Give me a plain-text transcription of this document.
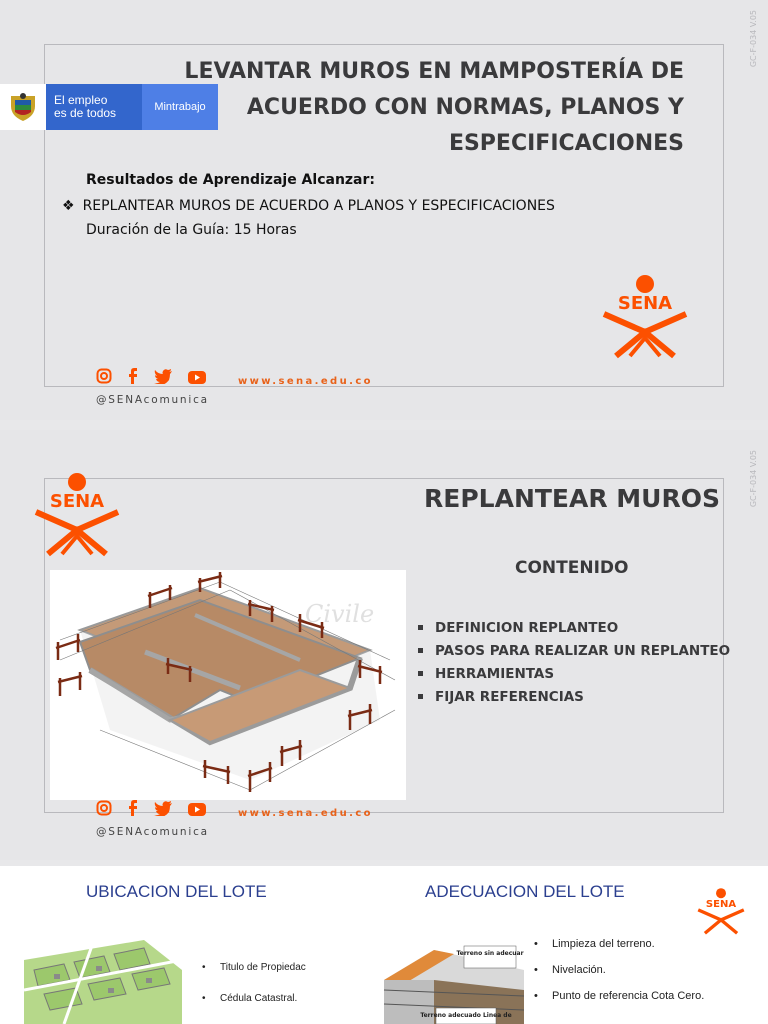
GC-F-034 V.05
El empleo
es de todos	Mintrabajo
LEVANTAR MUROS EN MAMPOSTERÍA DE
ACUERDO CON NORMAS, PLANOS Y
ESPECIFICACIONES
Resultados de Aprendizaje Alcanzar:
❖ REPLANTEAR MUROS DE ACUERDO A PLANOS Y ESPECIFICACIONES
Duración de la Guía: 15 Horas
SENA
@SENAcomunica
www.sena.edu.co
GC-F-034 V.05
SENA	REPLANTEAR MUROS
CONTENIDO
DEFINICION REPLANTEO
PASOS PARA REALIZAR UN REPLANTEO
HERRAMIENTAS
FIJAR REFERENCIAS
Civile
@SENAcomunica
www.sena.edu.co
UBICACION DEL LOTE	ADECUACION DEL LOTE
SENA
• Titulo de Propiedac
• Cédula Catastral.
Terreno sin adecuar
Terreno adecuado Linea de
• Limpieza del terreno.
• Nivelación.
• Punto de referencia Cota Cero.
